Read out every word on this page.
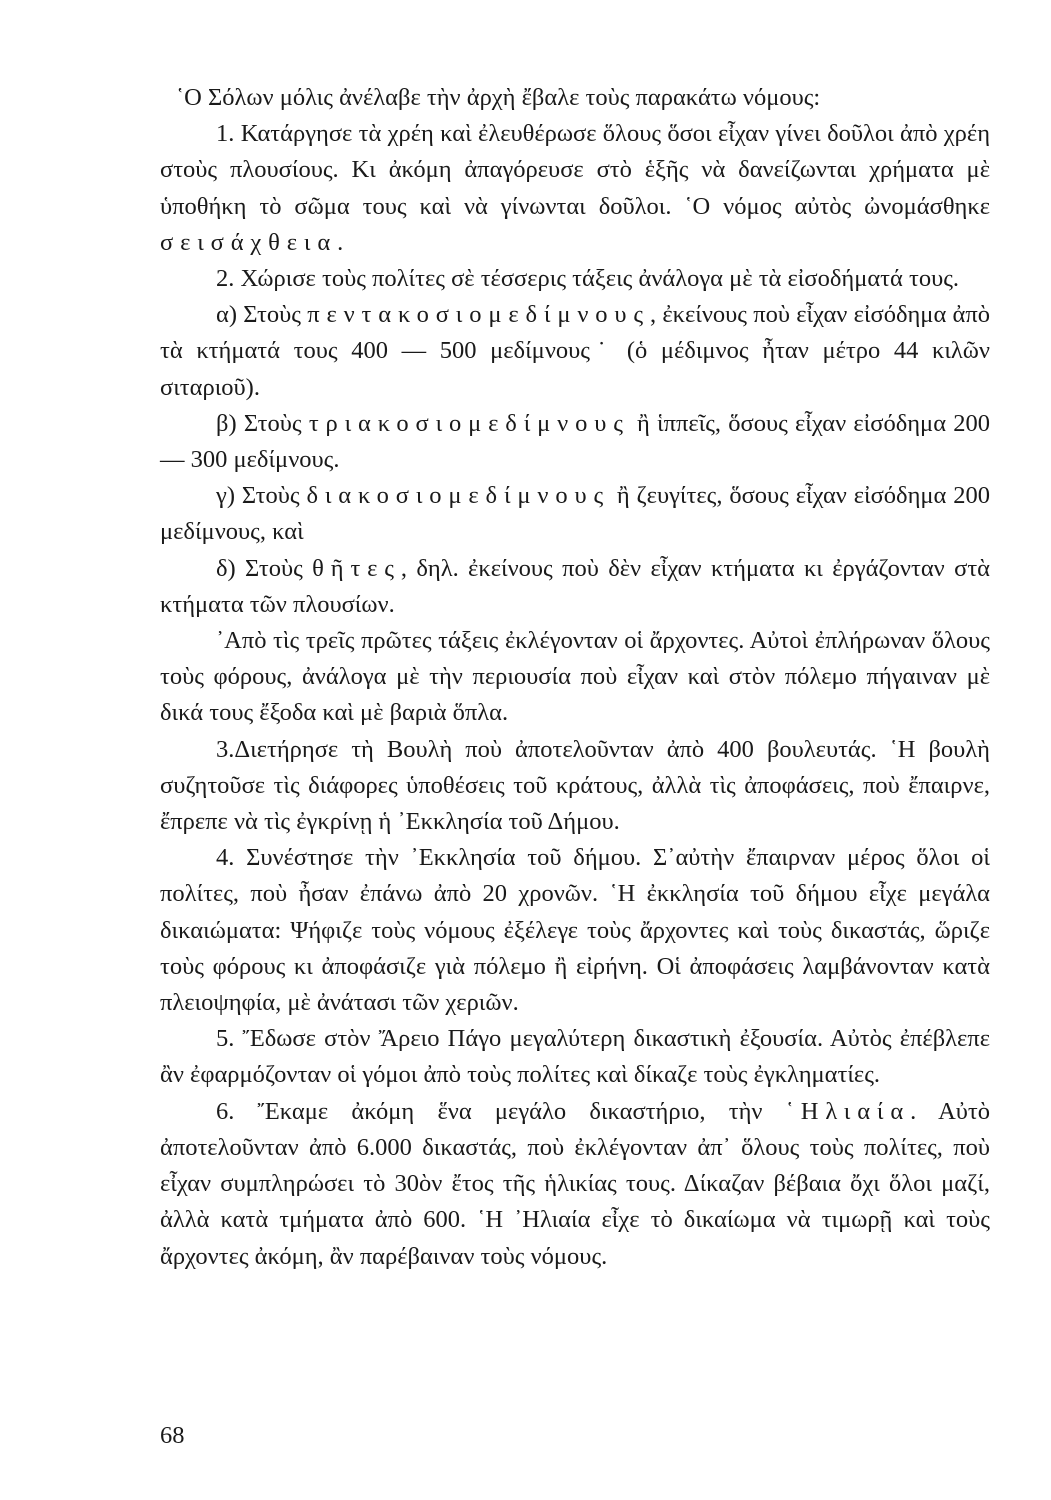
῾Ο Σόλων μόλις ἀνέλαβε τὴν ἀρχὴ ἔβαλε τοὺς παρακάτω νόμους:

1. Κατάργησε τὰ χρέη καὶ ἐλευθέρωσε ὅλους ὅσοι εἶχαν γίνει δοῦλοι ἀπὸ χρέη στοὺς πλουσίους. Κι ἀκόμη ἀπαγόρευσε στὸ ἑξῆς νὰ δανείζωνται χρήματα μὲ ὑποθήκη τὸ σῶμα τους καὶ νὰ γίνωνται δοῦλοι. ῾Ο νόμος αὐτὸς ὠνομάσθηκε σεισάχθεια.

2. Χώρισε τοὺς πολίτες σὲ τέσσερις τάξεις ἀνάλογα μὲ τὰ εἰσοδήματά τους.

α) Στοὺς πεντακοσιομεδίμνους, ἐκείνους ποὺ εἶχαν εἰσόδημα ἀπὸ τὰ κτήματά τους 400 — 500 μεδίμνους˙ (ὁ μέδιμνος ἦταν μέτρο 44 κιλῶν σιταριοῦ).

β) Στοὺς τριακοσιομεδίμνους ἢ ἱππεῖς, ὅσους εἶχαν εἰσόδημα 200 — 300 μεδίμνους.

γ) Στοὺς διακοσιομεδίμνους ἢ ζευγίτες, ὅσους εἶχαν εἰσόδημα 200 μεδίμνους, καὶ

δ) Στοὺς θῆτες, δηλ. ἐκείνους ποὺ δὲν εἶχαν κτήματα κι ἐργάζονταν στὰ κτήματα τῶν πλουσίων.

᾿Απὸ τὶς τρεῖς πρῶτες τάξεις ἐκλέγονταν οἱ ἄρχοντες. Αὐτοὶ ἐπλήρωναν ὅλους τοὺς φόρους, ἀνάλογα μὲ τὴν περιουσία ποὺ εἶχαν καὶ στὸν πόλεμο πήγαιναν μὲ δικά τους ἔξοδα καὶ μὲ βαριὰ ὅπλα.

3.Διετήρησε τὴ Βουλὴ ποὺ ἀποτελοῦνταν ἀπὸ 400 βουλευτάς. ῾Η βουλὴ συζητοῦσε τὶς διάφορες ὑποθέσεις τοῦ κράτους, ἀλλὰ τὶς ἀποφάσεις, ποὺ ἔπαιρνε, ἔπρεπε νὰ τὶς ἐγκρίνῃ ἡ ᾿Εκκλησία τοῦ Δήμου.

4. Συνέστησε τὴν ᾿Εκκλησία τοῦ δήμου. Σ᾿αὐτὴν ἔπαιρναν μέρος ὅλοι οἱ πολίτες, ποὺ ἦσαν ἐπάνω ἀπὸ 20 χρονῶν. ῾Η ἐκκλησία τοῦ δήμου εἶχε μεγάλα δικαιώματα: Ψήφιζε τοὺς νόμους ἐξέλεγε τοὺς ἄρχοντες καὶ τοὺς δικαστάς, ὥριζε τοὺς φόρους κι ἀποφάσιζε γιὰ πόλεμο ἢ εἰρήνη. Οἱ ἀποφάσεις λαμβάνονταν κατὰ πλειοψηφία, μὲ ἀνάτασι τῶν χεριῶν.

5. Ἔδωσε στὸν Ἄρειο Πάγο μεγαλύτερη δικαστικὴ ἐξουσία. Αὐτὸς ἐπέβλεπε ἂν ἐφαρμόζονταν οἱ γόμοι ἀπὸ τοὺς πολίτες καὶ δίκαζε τοὺς ἐγκληματίες.

6. Ἔκαμε ἀκόμη ἕνα μεγάλο δικαστήριο, τὴν ῾Ηλιαία. Αὐτὸ ἀποτελοῦνταν ἀπὸ 6.000 δικαστάς, ποὺ ἐκλέγονταν ἀπ᾿ ὅλους τοὺς πολίτες, ποὺ εἶχαν συμπληρώσει τὸ 30ὸν ἔτος τῆς ἡλικίας τους. Δίκαζαν βέβαια ὄχι ὅλοι μαζί, ἀλλὰ κατὰ τμήματα ἀπὸ 600. ῾Η ᾿Ηλιαία εἶχε τὸ δικαίωμα νὰ τιμωρῇ καὶ τοὺς ἄρχοντες ἀκόμη, ἂν παρέβαιναν τοὺς νόμους.

68
